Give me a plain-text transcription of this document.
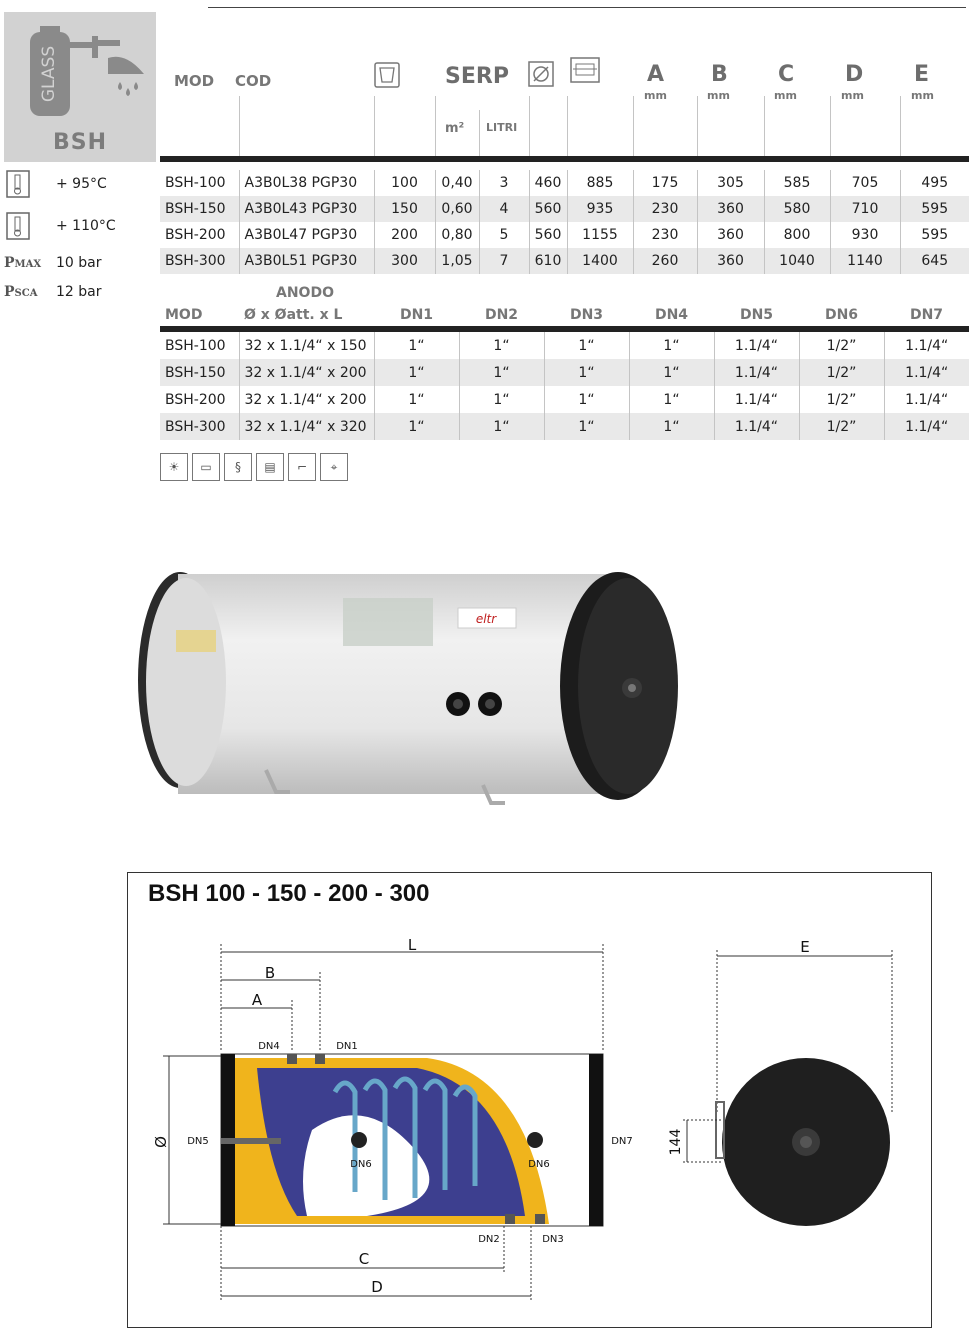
GLASS
BSH
+ 95°C
+ 110°C
PMAX 10 bar
PSCA 12 bar
MOD COD	SERP
m² LITRI
A
mm
B
mm
C
mm
D
mm
E
mm
BSH-100	A3B0L38 PGP30	100	0,40	3	460	885	175	305	585	705	495
BSH-150	A3B0L43 PGP30	150	0,60	4	560	935	230	360	580	710	595
BSH-200	A3B0L47 PGP30	200	0,80	5	560	1155	230	360	800	930	595
BSH-300	A3B0L51 PGP30	300	1,05	7	610	1400	260	360	1040	1140	645
ANODO
MOD	Ø x Øatt. x L	DN1	DN2	DN3	DN4	DN5	DN6	DN7

BSH-100	32 x 1.1/4“ x 150	1“	1“	1“	1“	1.1/4“	1/2”	1.1/4“
BSH-150	32 x 1.1/4“ x 200	1“	1“	1“	1“	1.1/4“	1/2”	1.1/4“
BSH-200	32 x 1.1/4“ x 200	1“	1“	1“	1“	1.1/4“	1/2”	1.1/4“
BSH-300	32 x 1.1/4“ x 320	1“	1“	1“	1“	1.1/4“	1/2”	1.1/4“
☀ ▭ § ▤ ⌐ ⌖
eltr
BSH 100 - 150 - 200 - 300
L
B
A
Ø
DN4	DN1
DN5
DN6	DN6
DN7
DN2	DN3
C
D
E
144
